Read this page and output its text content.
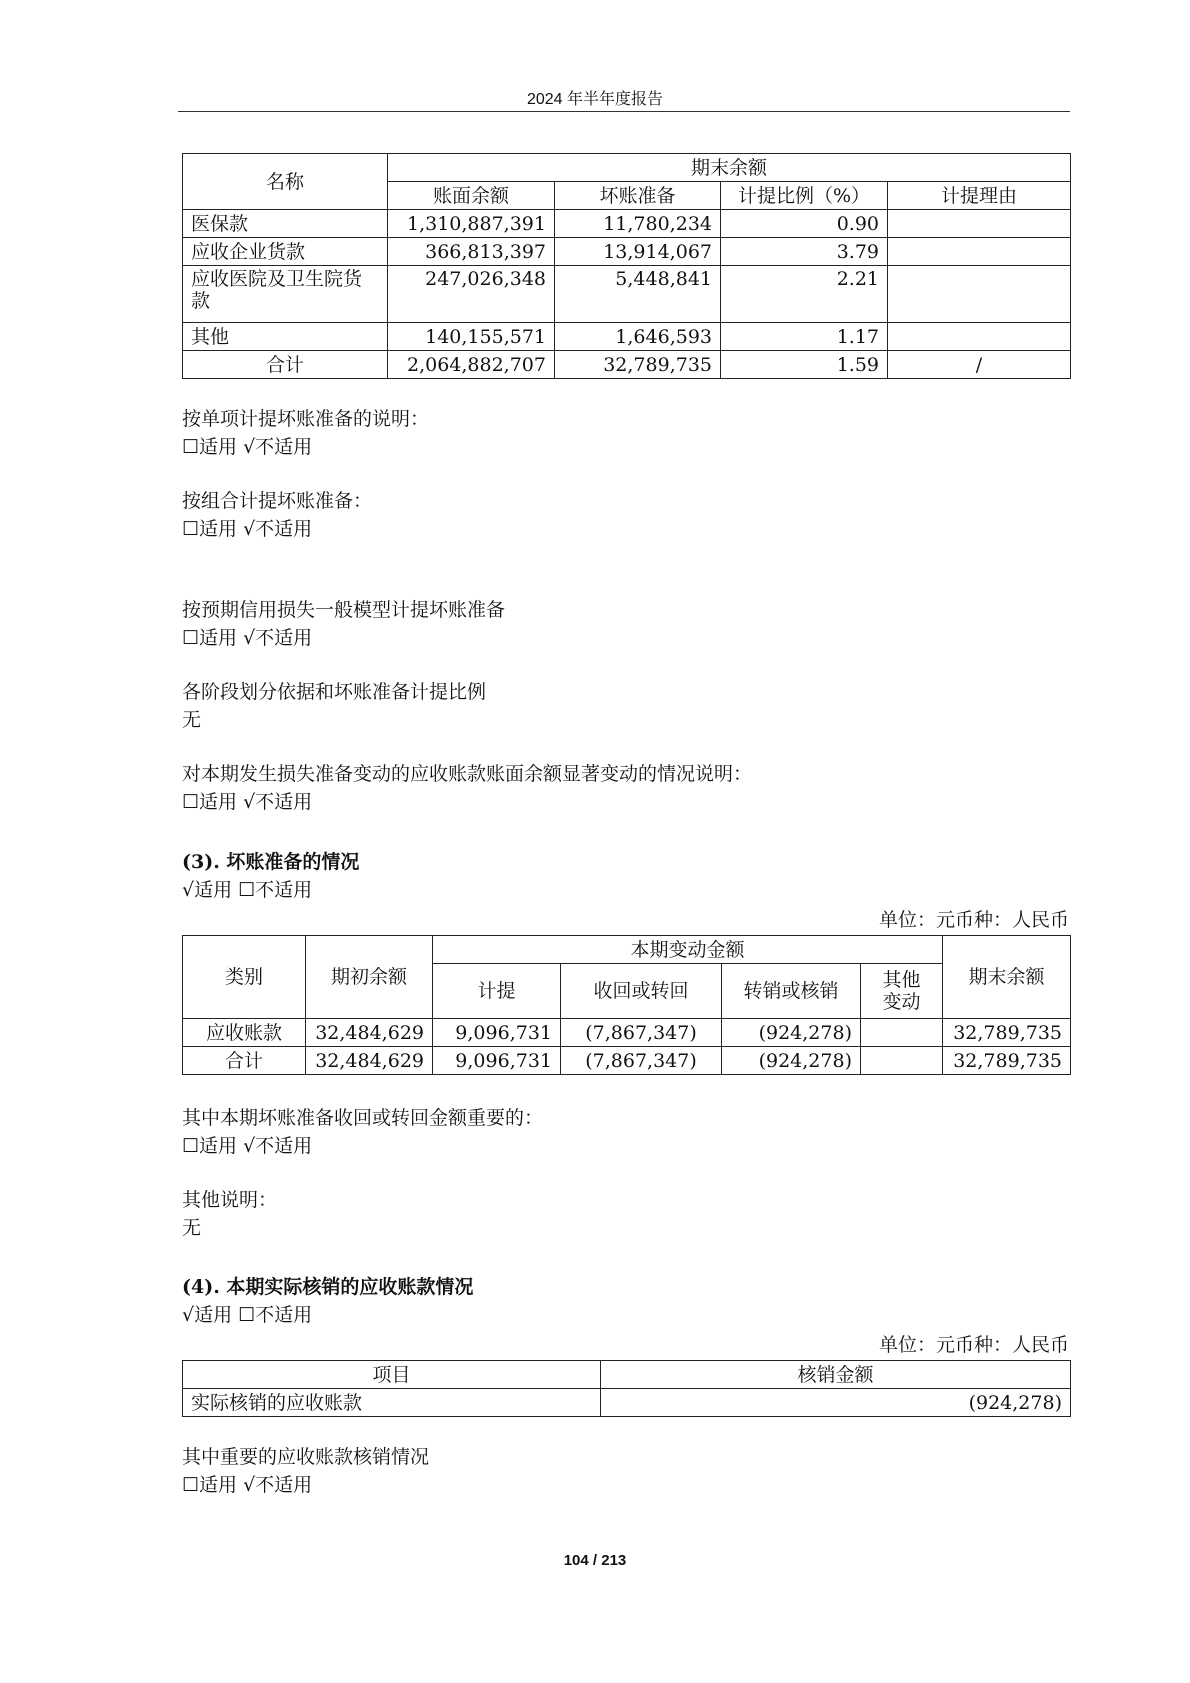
2024 年半年度报告
名称	期末余额			
	账面余额	坏账准备	计提比例（%）	计提理由
医保款	1,310,887,391	11,780,234	0.90	
应收企业货款	366,813,397	13,914,067	3.79	
应收医院及卫生院货款	247,026,348	5,448,841	2.21	
其他	140,155,571	1,646,593	1.17	
合计	2,064,882,707	32,789,735	1.59	/
按单项计提坏账准备的说明：
☐适用 √不适用
按组合计提坏账准备：
☐适用 √不适用
按预期信用损失一般模型计提坏账准备
☐适用 √不适用
各阶段划分依据和坏账准备计提比例
无
对本期发生损失准备变动的应收账款账面余额显著变动的情况说明：
☐适用 √不适用
(3). 坏账准备的情况
√适用 ☐不适用
单位：元币种：人民币
类别	期初余额	本期变动金额				期末余额
		计提	收回或转回	转销或核销	其他变动	
应收账款	32,484,629	9,096,731	(7,867,347)	(924,278)		32,789,735
合计	32,484,629	9,096,731	(7,867,347)	(924,278)		32,789,735
其中本期坏账准备收回或转回金额重要的：
☐适用 √不适用
其他说明：
无
(4). 本期实际核销的应收账款情况
√适用 ☐不适用
单位：元币种：人民币
项目	核销金额
实际核销的应收账款	(924,278)
其中重要的应收账款核销情况
☐适用 √不适用
104 / 213
